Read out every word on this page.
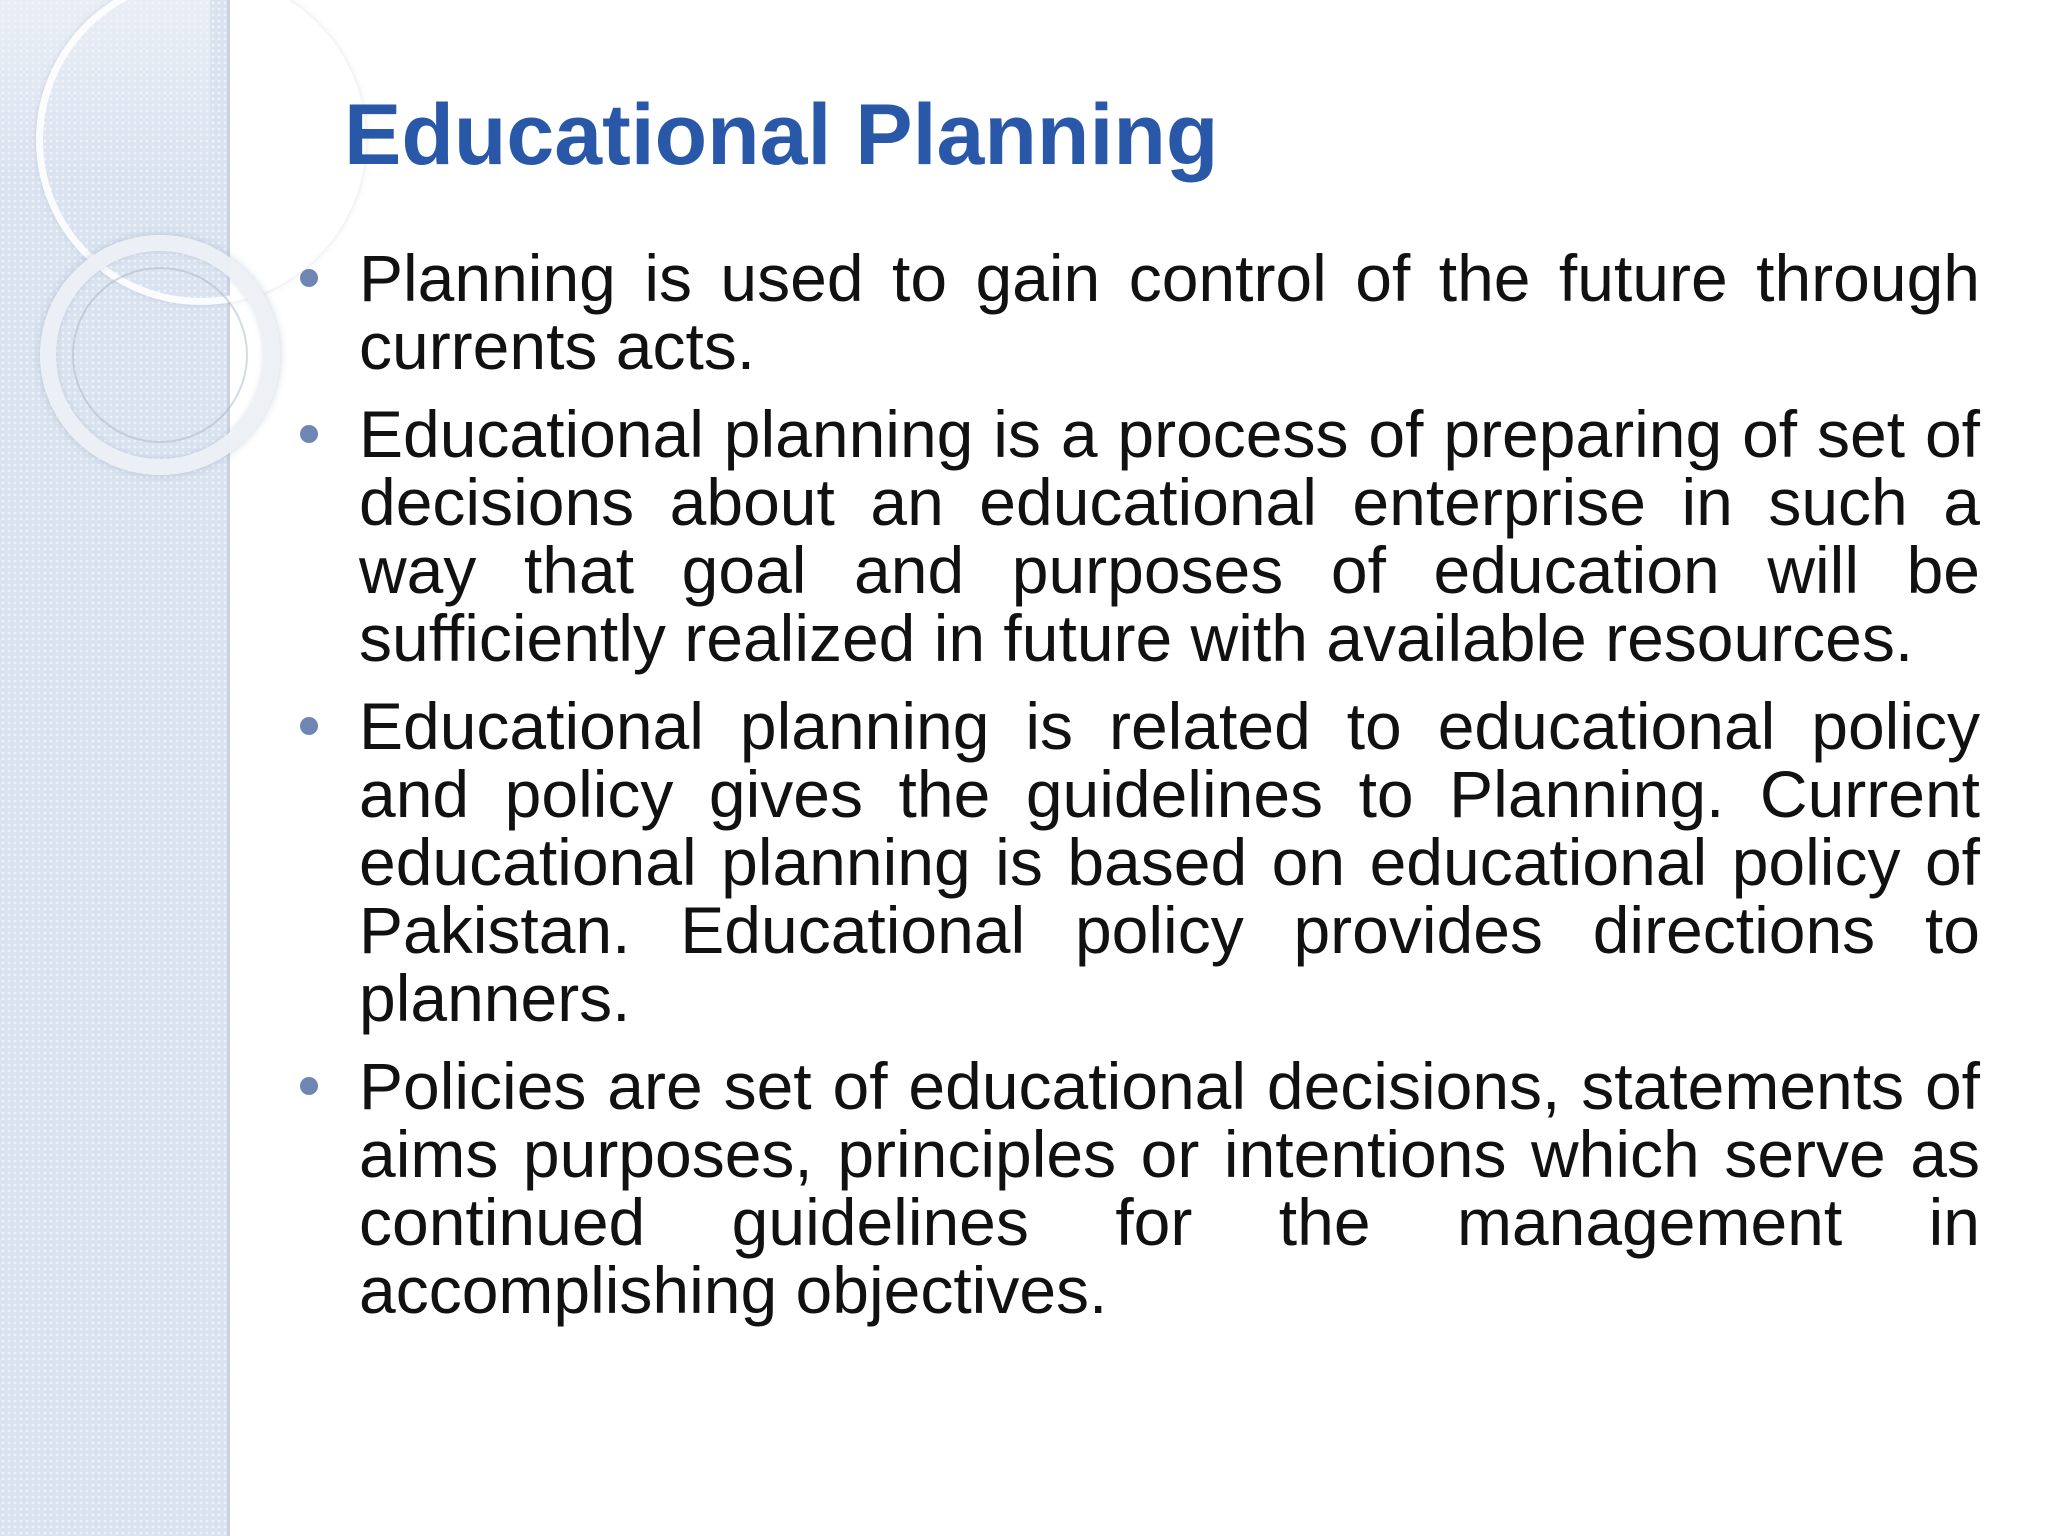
Educational Planning
Planning is used to gain control of the future through currents acts.
Educational planning is a process of preparing of set of decisions about an educational enterprise in such a way that goal and purposes of education will be sufficiently realized in future with available resources.
Educational planning is related to educational policy and policy gives the guidelines to Planning. Current educational planning is based on educational policy of Pakistan. Educational policy provides directions to planners.
Policies are set of educational decisions, statements of aims purposes, principles or intentions which serve as continued guidelines for the management in accomplishing objectives.
